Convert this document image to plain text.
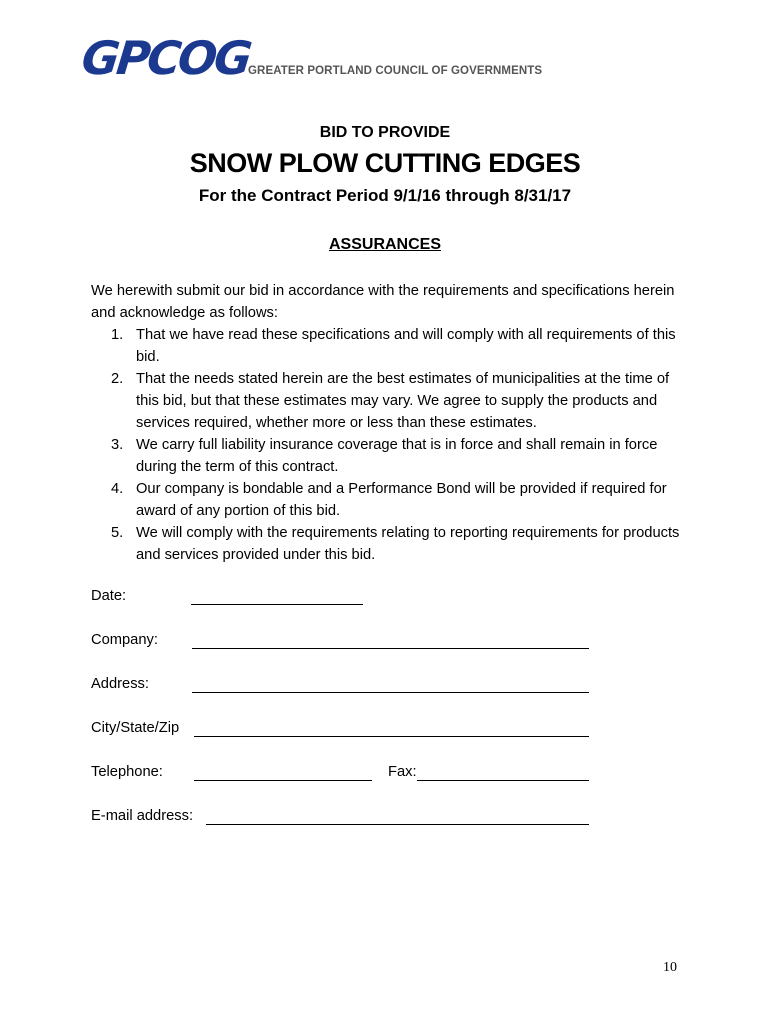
GPCOG
GREATER PORTLAND COUNCIL OF GOVERNMENTS
BID TO PROVIDE
SNOW PLOW CUTTING EDGES
For the Contract Period 9/1/16 through 8/31/17
ASSURANCES
We herewith submit our bid in accordance with the requirements and specifications herein and acknowledge as follows:
1. That we have read these specifications and will comply with all requirements of this bid.
2. That the needs stated herein are the best estimates of municipalities at the time of this bid, but that these estimates may vary. We agree to supply the products and services required, whether more or less than these estimates.
3. We carry full liability insurance coverage that is in force and shall remain in force during the term of this contract.
4. Our company is bondable and a Performance Bond will be provided if required for award of any portion of this bid.
5. We will comply with the requirements relating to reporting requirements for products and services provided under this bid.
Date:
Company:
Address:
City/State/Zip
Telephone:	Fax:
E-mail address:
10
